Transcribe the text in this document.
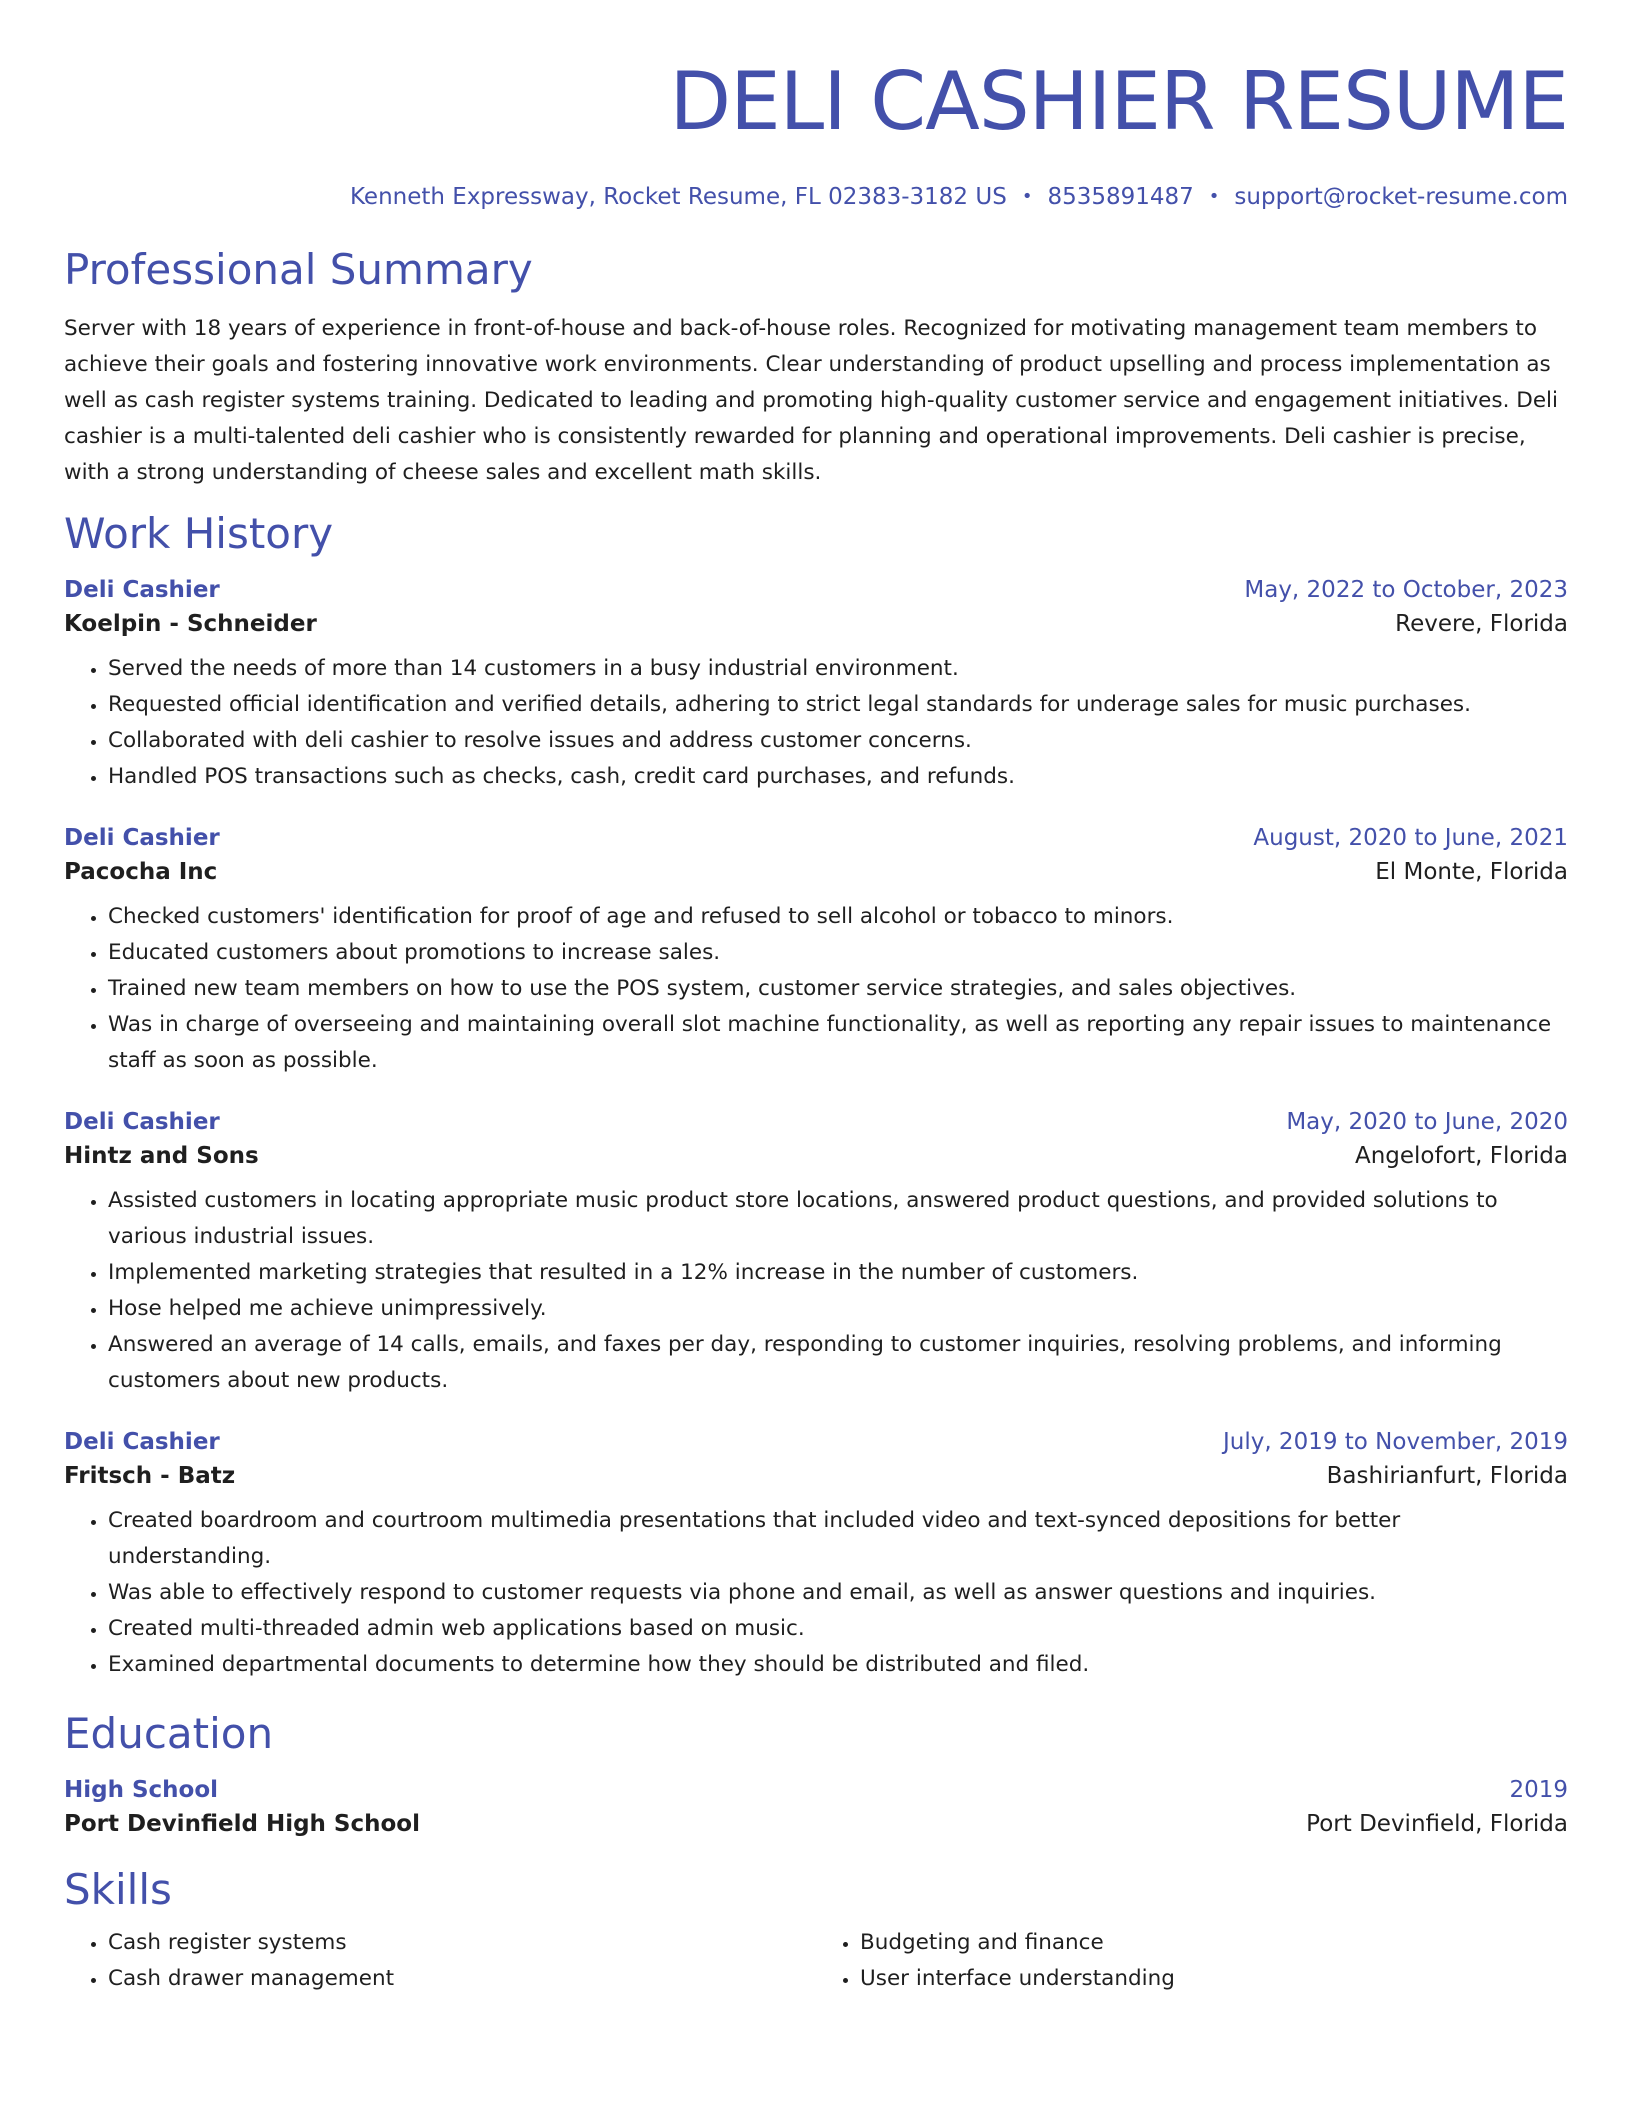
DELI CASHIER RESUME
Kenneth Expressway, Rocket Resume, FL 02383-3182 US • 8535891487 • support@rocket-resume.com
Professional Summary

Server with 18 years of experience in front-of-house and back-of-house roles. Recognized for motivating management team members to achieve their goals and fostering innovative work environments. Clear understanding of product upselling and process implementation as well as cash register systems training. Dedicated to leading and promoting high-quality customer service and engagement initiatives. Deli cashier is a multi-talented deli cashier who is consistently rewarded for planning and operational improvements. Deli cashier is precise, with a strong understanding of cheese sales and excellent math skills.

Work History
Deli Cashier	May, 2022 to October, 2023
Koelpin - Schneider	Revere, Florida
• Served the needs of more than 14 customers in a busy industrial environment.
• Requested official identification and verified details, adhering to strict legal standards for underage sales for music purchases.
• Collaborated with deli cashier to resolve issues and address customer concerns.
• Handled POS transactions such as checks, cash, credit card purchases, and refunds.
Deli Cashier	August, 2020 to June, 2021
Pacocha Inc	El Monte, Florida
• Checked customers' identification for proof of age and refused to sell alcohol or tobacco to minors.
• Educated customers about promotions to increase sales.
• Trained new team members on how to use the POS system, customer service strategies, and sales objectives.
• Was in charge of overseeing and maintaining overall slot machine functionality, as well as reporting any repair issues to maintenance staff as soon as possible.
Deli Cashier	May, 2020 to June, 2020
Hintz and Sons	Angelofort, Florida
• Assisted customers in locating appropriate music product store locations, answered product questions, and provided solutions to various industrial issues.
• Implemented marketing strategies that resulted in a 12% increase in the number of customers.
• Hose helped me achieve unimpressively.
• Answered an average of 14 calls, emails, and faxes per day, responding to customer inquiries, resolving problems, and informing customers about new products.
Deli Cashier	July, 2019 to November, 2019
Fritsch - Batz	Bashirianfurt, Florida
• Created boardroom and courtroom multimedia presentations that included video and text-synced depositions for better understanding.
• Was able to effectively respond to customer requests via phone and email, as well as answer questions and inquiries.
• Created multi-threaded admin web applications based on music.
• Examined departmental documents to determine how they should be distributed and filed.
Education
High School	2019
Port Devinfield High School	Port Devinfield, Florida
Skills
• Cash register systems
• Cash drawer management
• Budgeting and finance
• User interface understanding
